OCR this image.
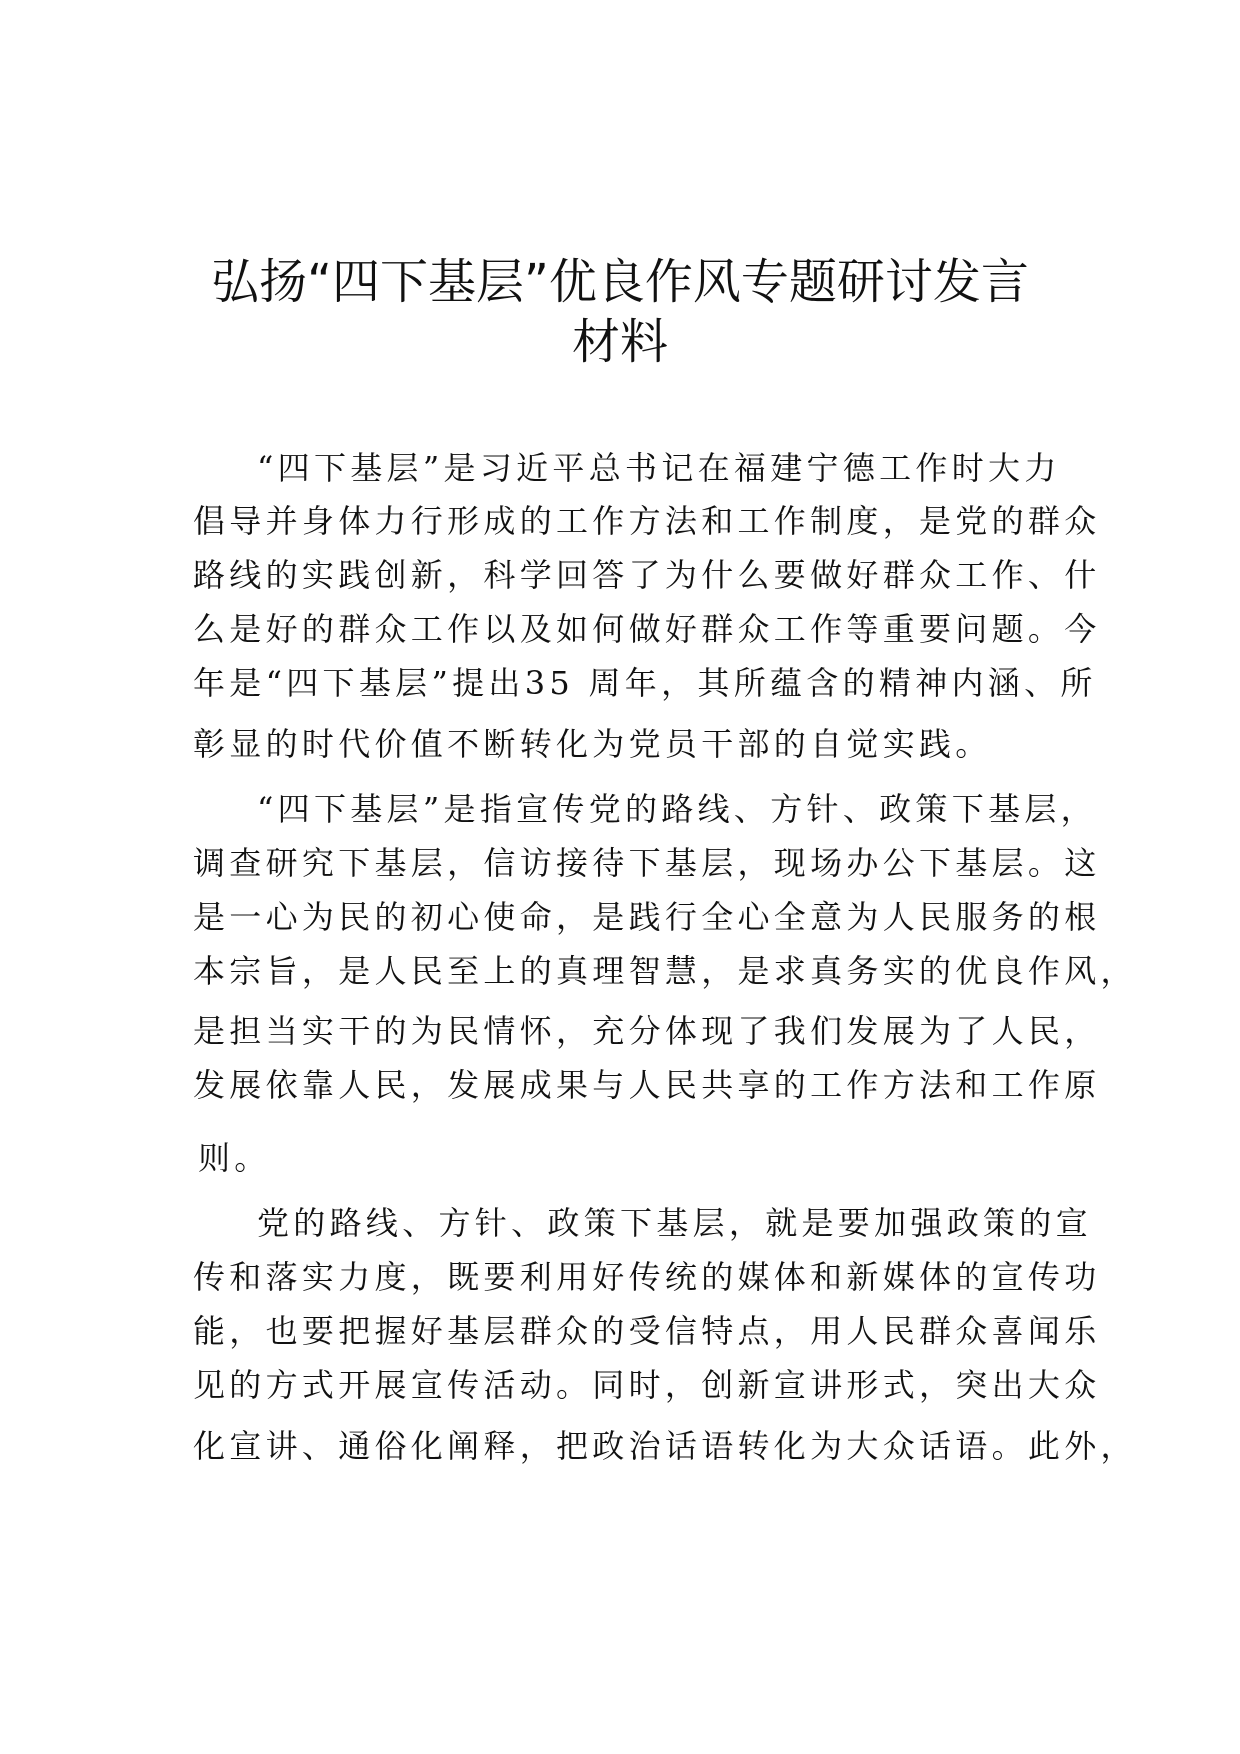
弘扬“四下基层”优良作风专题研讨发言
材料
“四下基层”是习近平总书记在福建宁德工作时大力
倡导并身体力行形成的工作方法和工作制度，是党的群众
路线的实践创新，科学回答了为什么要做好群众工作、什
么是好的群众工作以及如何做好群众工作等重要问题。今
年是“四下基层”提出35 周年，其所蕴含的精神内涵、所
彰显的时代价值不断转化为党员干部的自觉实践。
“四下基层”是指宣传党的路线、方针、政策下基层，
调查研究下基层，信访接待下基层，现场办公下基层。这
是一心为民的初心使命，是践行全心全意为人民服务的根
本宗旨，是人民至上的真理智慧，是求真务实的优良作风，
是担当实干的为民情怀，充分体现了我们发展为了人民，
发展依靠人民，发展成果与人民共享的工作方法和工作原
则。
党的路线、方针、政策下基层，就是要加强政策的宣
传和落实力度，既要利用好传统的媒体和新媒体的宣传功
能，也要把握好基层群众的受信特点，用人民群众喜闻乐
见的方式开展宣传活动。同时，创新宣讲形式，突出大众
化宣讲、通俗化阐释，把政治话语转化为大众话语。此外，
